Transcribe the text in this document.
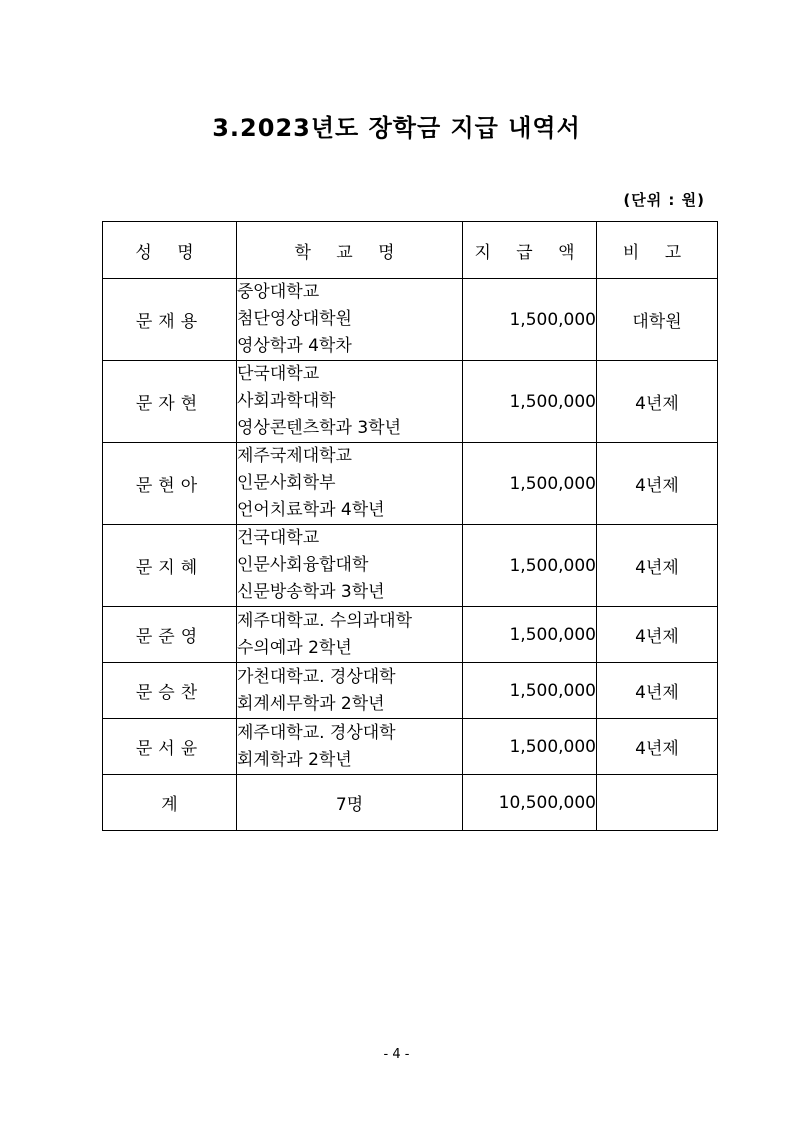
3.2023년도 장학금 지급 내역서
(단위 : 원)
성 명	학 교 명	지 급 액	비 고
문재용	중앙대학교
첨단영상대학원
영상학과 4학차	1,500,000	대학원
문자현	단국대학교
사회과학대학
영상콘텐츠학과 3학년	1,500,000	4년제
문현아	제주국제대학교
인문사회학부
언어치료학과 4학년	1,500,000	4년제
문지혜	건국대학교
인문사회융합대학
신문방송학과 3학년	1,500,000	4년제
문준영	제주대학교. 수의과대학
수의예과 2학년	1,500,000	4년제
문승찬	가천대학교. 경상대학
회계세무학과 2학년	1,500,000	4년제
문서윤	제주대학교. 경상대학
회계학과 2학년	1,500,000	4년제
계	7명	10,500,000	
- 4 -
